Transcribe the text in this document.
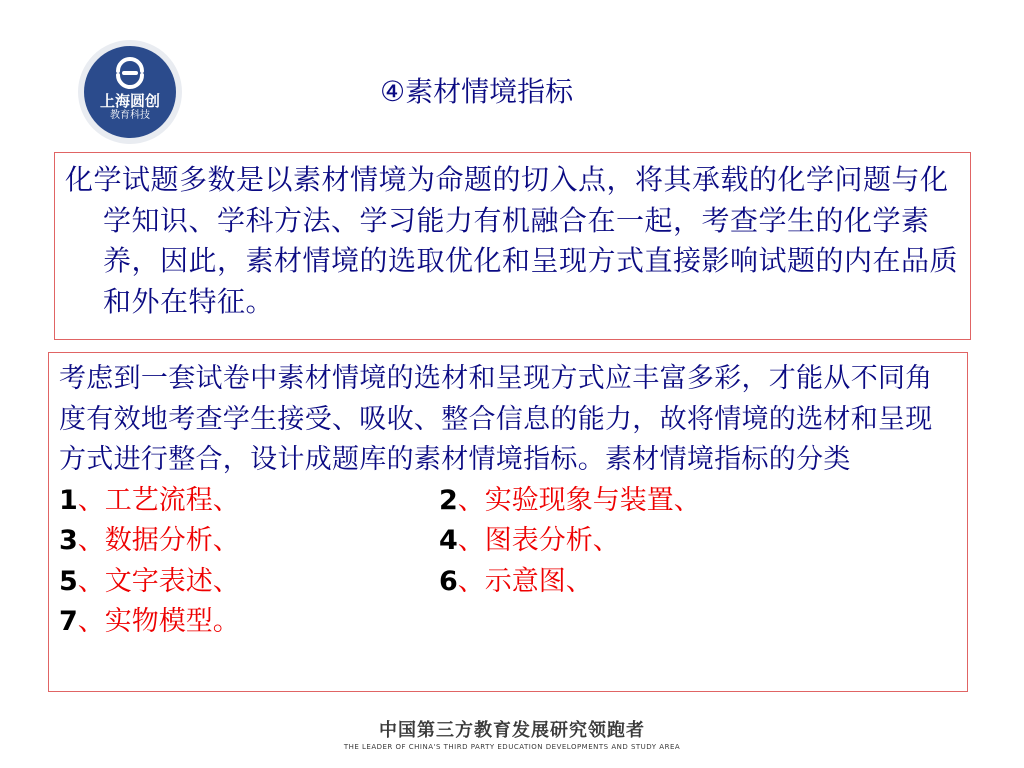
上海圆创
教育科技
④素材情境指标

化学试题多数是以素材情境为命题的切入点，将其承载的化学问题与化学知识、学科方法、学习能力有机融合在一起，考查学生的化学素养，因此，素材情境的选取优化和呈现方式直接影响试题的内在品质和外在特征。

考虑到一套试卷中素材情境的选材和呈现方式应丰富多彩，才能从不同角度有效地考查学生接受、吸收、整合信息的能力，故将情境的选材和呈现方式进行整合，设计成题库的素材情境指标。素材情境指标的分类

1、工艺流程、	2、实验现象与装置、
3、数据分析、	4、图表分析、
5、文字表述、	6、示意图、
7、实物模型。
中国第三方教育发展研究领跑者
THE LEADER OF CHINA'S THIRD PARTY EDUCATION DEVELOPMENTS AND STUDY AREA
